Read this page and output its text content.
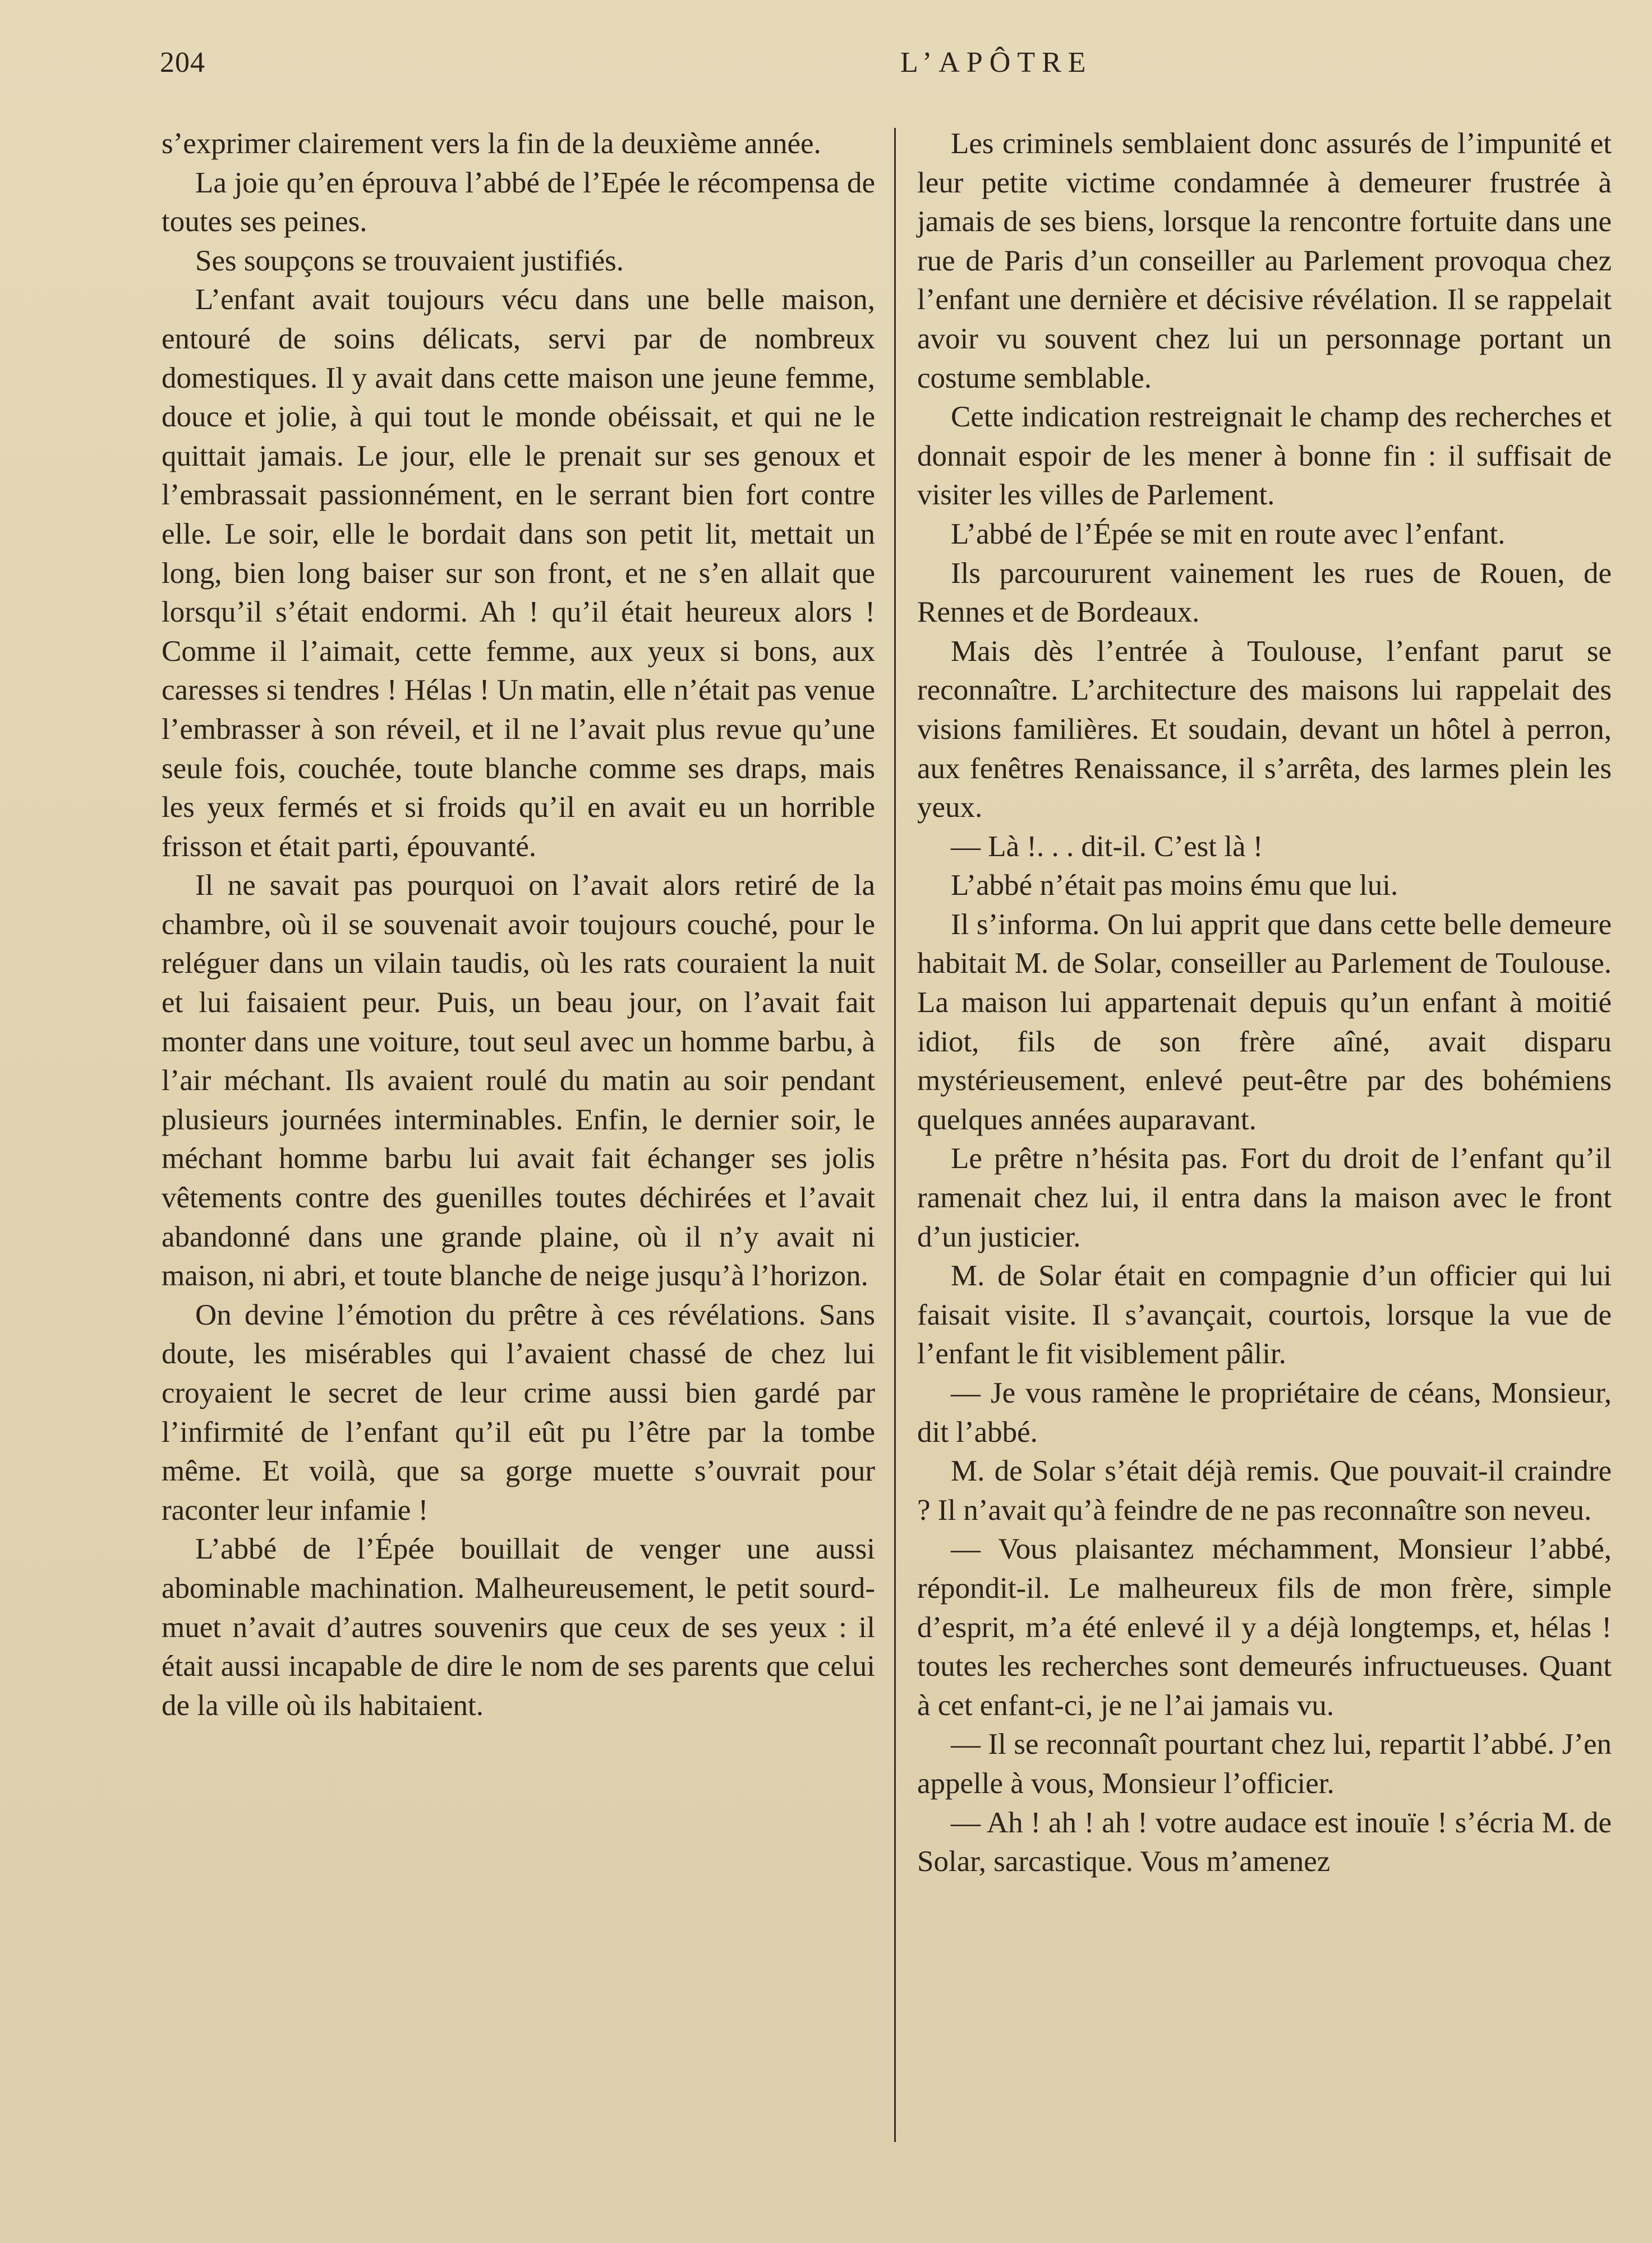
204	L’APÔTRE

s’exprimer clairement vers la fin de la deuxième année.

La joie qu’en éprouva l’abbé de l’Epée le récompensa de toutes ses peines.

Ses soupçons se trouvaient justifiés.

L’enfant avait toujours vécu dans une belle maison, entouré de soins délicats, servi par de nombreux domestiques. Il y avait dans cette maison une jeune femme, douce et jolie, à qui tout le monde obéissait, et qui ne le quittait jamais. Le jour, elle le prenait sur ses genoux et l’embrassait passionnément, en le serrant bien fort contre elle. Le soir, elle le bordait dans son petit lit, mettait un long, bien long baiser sur son front, et ne s’en allait que lorsqu’il s’était endormi. Ah ! qu’il était heureux alors ! Comme il l’aimait, cette femme, aux yeux si bons, aux caresses si tendres ! Hélas ! Un matin, elle n’était pas venue l’embrasser à son réveil, et il ne l’avait plus revue qu’une seule fois, couchée, toute blanche comme ses draps, mais les yeux fermés et si froids qu’il en avait eu un horrible frisson et était parti, épouvanté.

Il ne savait pas pourquoi on l’avait alors retiré de la chambre, où il se souvenait avoir toujours couché, pour le reléguer dans un vilain taudis, où les rats couraient la nuit et lui faisaient peur. Puis, un beau jour, on l’avait fait monter dans une voiture, tout seul avec un homme barbu, à l’air méchant. Ils avaient roulé du matin au soir pendant plusieurs journées interminables. Enfin, le dernier soir, le méchant homme barbu lui avait fait échanger ses jolis vêtements contre des guenilles toutes déchirées et l’avait abandonné dans une grande plaine, où il n’y avait ni maison, ni abri, et toute blanche de neige jusqu’à l’horizon.

On devine l’émotion du prêtre à ces révélations. Sans doute, les misérables qui l’avaient chassé de chez lui croyaient le secret de leur crime aussi bien gardé par l’infirmité de l’enfant qu’il eût pu l’être par la tombe même. Et voilà, que sa gorge muette s’ouvrait pour raconter leur infamie !

L’abbé de l’Épée bouillait de venger une aussi abominable machination. Malheureusement, le petit sourd-muet n’avait d’autres souvenirs que ceux de ses yeux : il était aussi incapable de dire le nom de ses parents que celui de la ville où ils habitaient.

Les criminels semblaient donc assurés de l’impunité et leur petite victime condamnée à demeurer frustrée à jamais de ses biens, lorsque la rencontre fortuite dans une rue de Paris d’un conseiller au Parlement provoqua chez l’enfant une dernière et décisive révélation. Il se rappelait avoir vu souvent chez lui un personnage portant un costume semblable.

Cette indication restreignait le champ des recherches et donnait espoir de les mener à bonne fin : il suffisait de visiter les villes de Parlement.

L’abbé de l’Épée se mit en route avec l’enfant.

Ils parcoururent vainement les rues de Rouen, de Rennes et de Bordeaux.

Mais dès l’entrée à Toulouse, l’enfant parut se reconnaître. L’architecture des maisons lui rappelait des visions familières. Et soudain, devant un hôtel à perron, aux fenêtres Renaissance, il s’arrêta, des larmes plein les yeux.

— Là !. . . dit-il. C’est là !

L’abbé n’était pas moins ému que lui.

Il s’informa. On lui apprit que dans cette belle demeure habitait M. de Solar, conseiller au Parlement de Toulouse. La maison lui appartenait depuis qu’un enfant à moitié idiot, fils de son frère aîné, avait disparu mystérieusement, enlevé peut-être par des bohémiens quelques années auparavant.

Le prêtre n’hésita pas. Fort du droit de l’enfant qu’il ramenait chez lui, il entra dans la maison avec le front d’un justicier.

M. de Solar était en compagnie d’un officier qui lui faisait visite. Il s’avançait, courtois, lorsque la vue de l’enfant le fit visiblement pâlir.

— Je vous ramène le propriétaire de céans, Monsieur, dit l’abbé.

M. de Solar s’était déjà remis. Que pouvait-il craindre ? Il n’avait qu’à feindre de ne pas reconnaître son neveu.

— Vous plaisantez méchamment, Monsieur l’abbé, répondit-il. Le malheureux fils de mon frère, simple d’esprit, m’a été enlevé il y a déjà longtemps, et, hélas ! toutes les recherches sont demeurés infructueuses. Quant à cet enfant-ci, je ne l’ai jamais vu.

— Il se reconnaît pourtant chez lui, repartit l’abbé. J’en appelle à vous, Monsieur l’officier.

— Ah ! ah ! ah ! votre audace est inouïe ! s’écria M. de Solar, sarcastique. Vous m’amenez
